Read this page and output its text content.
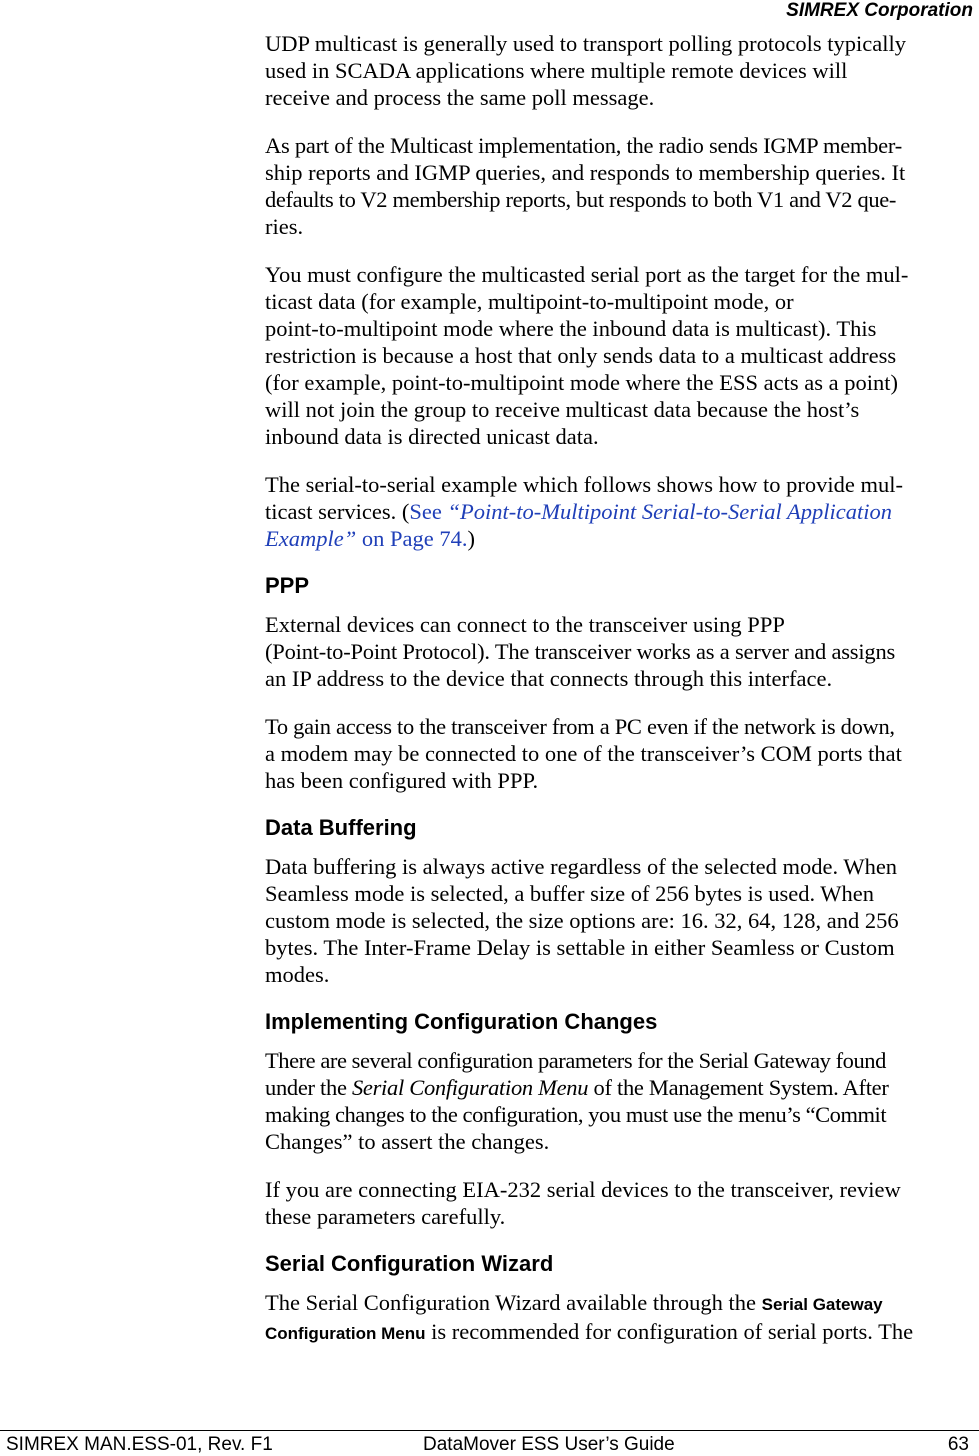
SIMREX Corporation

UDP multicast is generally used to transport polling protocols typically

used in SCADA applications where multiple remote devices will

receive and process the same poll message.

As part of the Multicast implementation, the radio sends IGMP member-

ship reports and IGMP queries, and responds to membership queries. It

defaults to V2 membership reports, but responds to both V1 and V2 que-

ries.

You must configure the multicasted serial port as the target for the mul-

ticast data (for example, multipoint-to-multipoint mode, or

point-to-multipoint mode where the inbound data is multicast). This

restriction is because a host that only sends data to a multicast address

(for example, point-to-multipoint mode where the ESS acts as a point)

will not join the group to receive multicast data because the host’s

inbound data is directed unicast data.

The serial-to-serial example which follows shows how to provide mul-

ticast services. (See “Point-to-Multipoint Serial-to-Serial Application

Example” on Page 74.)

PPP

External devices can connect to the transceiver using PPP

(Point-to-Point Protocol). The transceiver works as a server and assigns

an IP address to the device that connects through this interface.

To gain access to the transceiver from a PC even if the network is down,

a modem may be connected to one of the transceiver’s COM ports that

has been configured with PPP.

Data Buffering

Data buffering is always active regardless of the selected mode. When

Seamless mode is selected, a buffer size of 256 bytes is used. When

custom mode is selected, the size options are: 16. 32, 64, 128, and 256

bytes. The Inter-Frame Delay is settable in either Seamless or Custom

modes.

Implementing Configuration Changes

There are several configuration parameters for the Serial Gateway found

under the Serial Configuration Menu of the Management System. After

making changes to the configuration, you must use the menu’s “Commit

Changes” to assert the changes.

If you are connecting EIA-232 serial devices to the transceiver, review

these parameters carefully.

Serial Configuration Wizard

The Serial Configuration Wizard available through the Serial Gateway

Configuration Menu is recommended for configuration of serial ports. The

SIMREX MAN.ESS-01, Rev. F1	DataMover ESS User’s Guide	63
